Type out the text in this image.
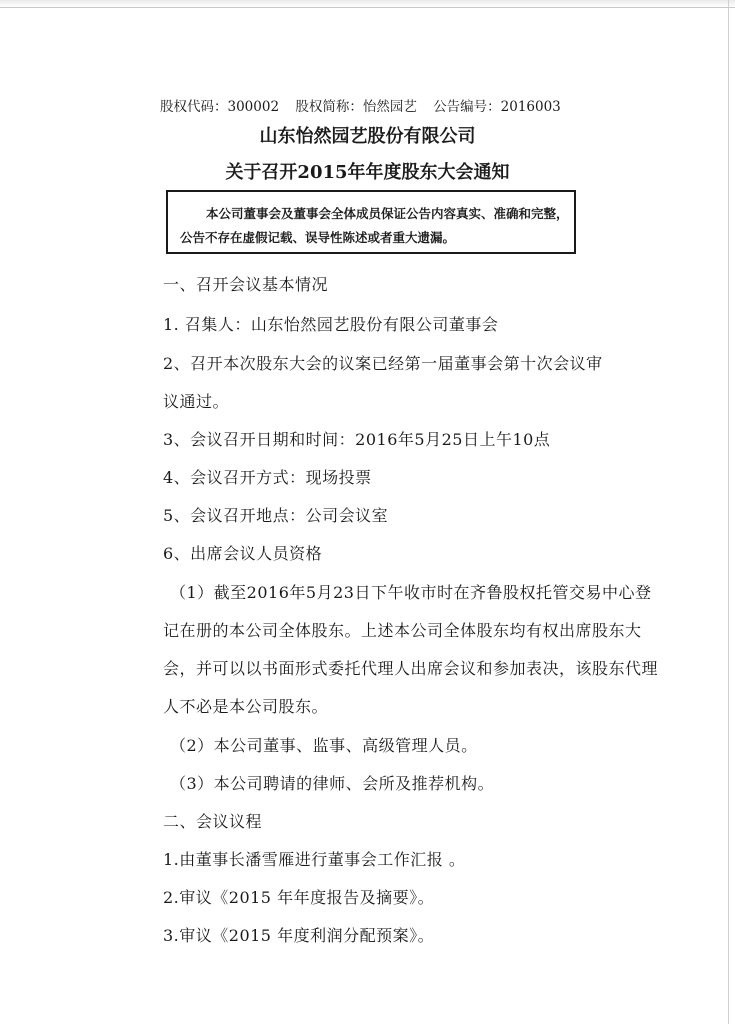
股权代码：300002 股权简称：怡然园艺 公告编号：2016003
山东怡然园艺股份有限公司
关于召开2015年年度股东大会通知
本公司董事会及董事会全体成员保证公告内容真实、准确和完整，公告不存在虚假记载、误导性陈述或者重大遗漏。
一、召开会议基本情况
1. 召集人：山东怡然园艺股份有限公司董事会
2、召开本次股东大会的议案已经第一届董事会第十次会议审
议通过。
3、会议召开日期和时间：2016年5月25日上午10点
4、会议召开方式：现场投票
5、会议召开地点：公司会议室
6、出席会议人员资格
（1）截至2016年5月23日下午收市时在齐鲁股权托管交易中心登
记在册的本公司全体股东。上述本公司全体股东均有权出席股东大
会，并可以以书面形式委托代理人出席会议和参加表决，该股东代理
人不必是本公司股东。
（2）本公司董事、监事、高级管理人员。
（3）本公司聘请的律师、会所及推荐机构。
二、会议议程
1.由董事长潘雪雁进行董事会工作汇报 。
2.审议《2015 年年度报告及摘要》。
3.审议《2015 年度利润分配预案》。
